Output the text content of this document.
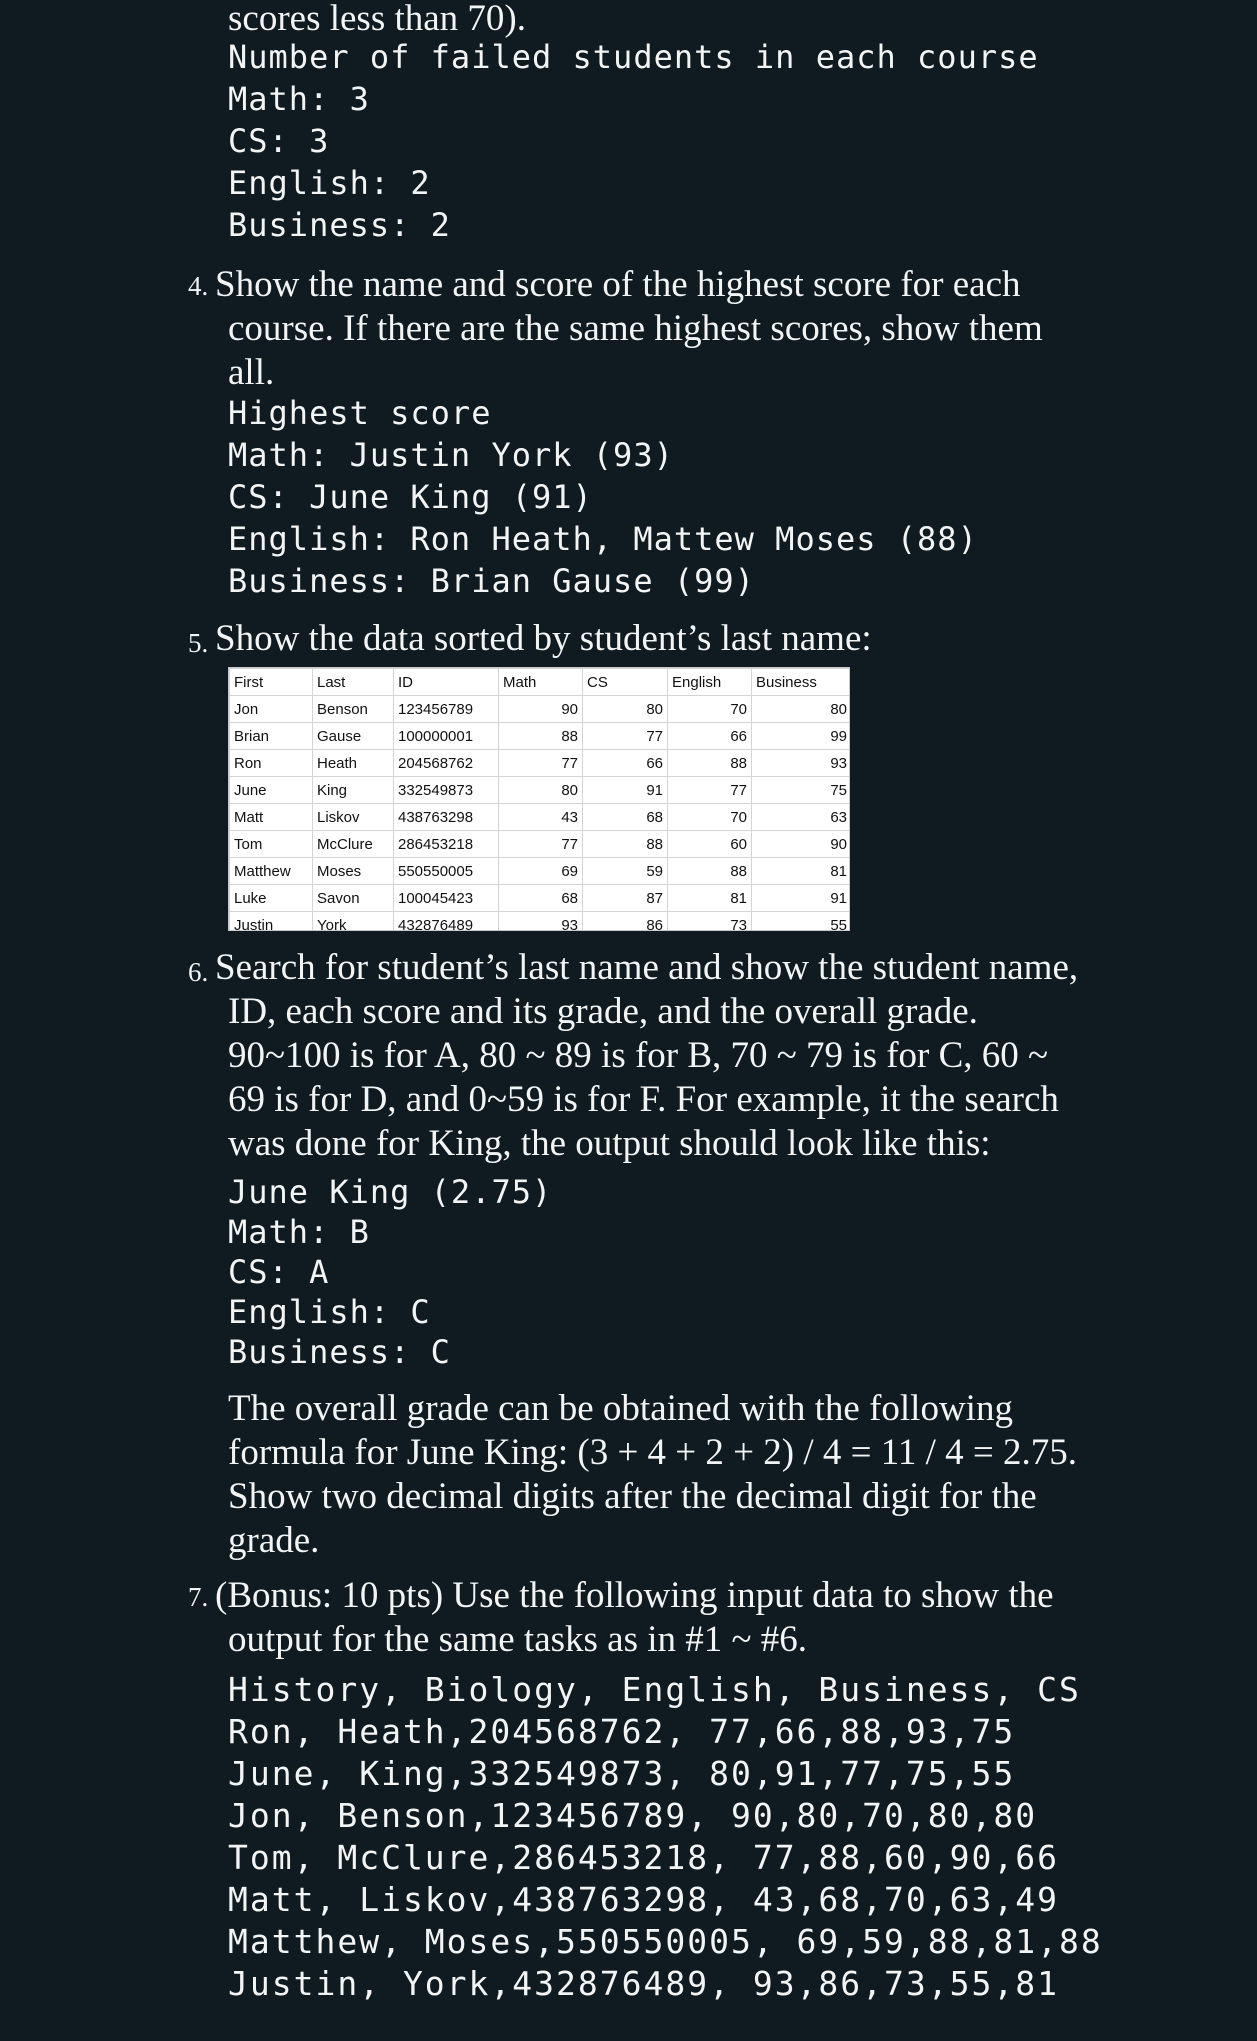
scores less than 70).
Number of failed students in each course
Math: 3
CS: 3
English: 2
Business: 2
4. Show the name and score of the highest score for each
course. If there are the same highest scores, show them
all.
Highest score
Math: Justin York (93)
CS: June King (91)
English: Ron Heath, Mattew Moses (88)
Business: Brian Gause (99)
5. Show the data sorted by student’s last name:
First	Last	ID	Math	CS	English	Business
Jon	Benson	123456789	90	80	70	80
Brian	Gause	100000001	88	77	66	99
Ron	Heath	204568762	77	66	88	93
June	King	332549873	80	91	77	75
Matt	Liskov	438763298	43	68	70	63
Tom	McClure	286453218	77	88	60	90
Matthew	Moses	550550005	69	59	88	81
Luke	Savon	100045423	68	87	81	91
Justin	York	432876489	93	86	73	55
6. Search for student’s last name and show the student name,
ID, each score and its grade, and the overall grade.
90~100 is for A, 80 ~ 89 is for B, 70 ~ 79 is for C, 60 ~
69 is for D, and 0~59 is for F. For example, it the search
was done for King, the output should look like this:
June King (2.75)
Math: B
CS: A
English: C
Business: C
The overall grade can be obtained with the following
formula for June King: (3 + 4 + 2 + 2) / 4 = 11 / 4 = 2.75.
Show two decimal digits after the decimal digit for the
grade.
7. (Bonus: 10 pts) Use the following input data to show the
output for the same tasks as in #1 ~ #6.
History, Biology, English, Business, CS
Ron, Heath,204568762, 77,66,88,93,75
June, King,332549873, 80,91,77,75,55
Jon, Benson,123456789, 90,80,70,80,80
Tom, McClure,286453218, 77,88,60,90,66
Matt, Liskov,438763298, 43,68,70,63,49
Matthew, Moses,550550005, 69,59,88,81,88
Justin, York,432876489, 93,86,73,55,81
